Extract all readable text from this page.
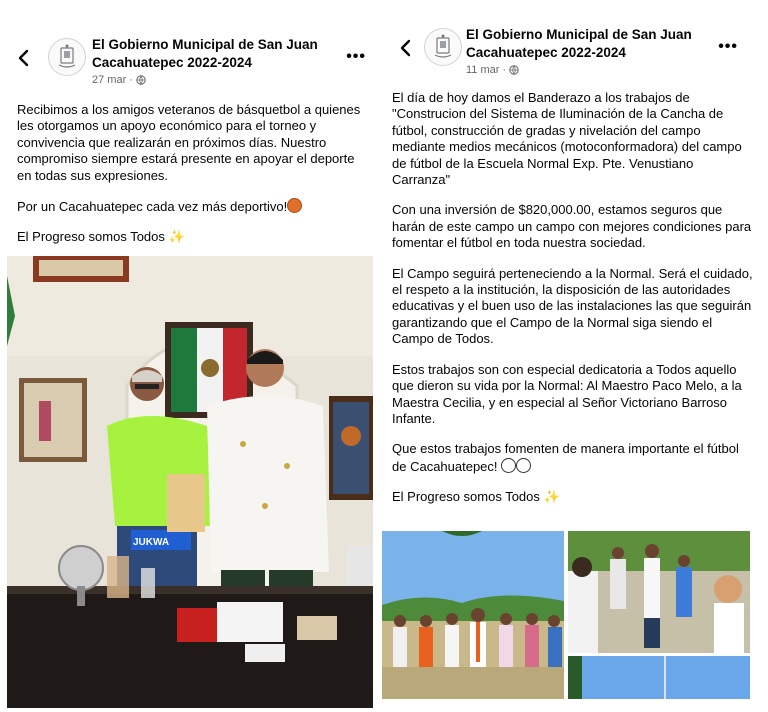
El Gobierno Municipal de San Juan Cacahuatepec 2022-2024
27 mar ·
•••

Recibimos a los amigos veteranos de básquetbol a quienes les otorgamos un apoyo económico para el torneo y convivencia que realizarán en próximos días. Nuestro compromiso siempre estará presente en apoyar el deporte en todas sus expresiones.

Por un Cacahuatepec cada vez más deportivo!

El Progreso somos Todos ✨

JUKWA
El Gobierno Municipal de San Juan Cacahuatepec 2022-2024
11 mar ·
•••

El día de hoy damos el Banderazo a los trabajos de "Construcion del Sistema de Iluminación de la Cancha de fútbol, construcción de gradas y nivelación del campo mediante medios mecánicos (motoconformadora) del campo de fútbol de la Escuela Normal Exp. Pte. Venustiano Carranza"

Con una inversión de $820,000.00, estamos seguros que harán de este campo un campo con mejores condiciones para fomentar el fútbol en toda nuestra sociedad.

El Campo seguirá perteneciendo a la Normal. Será el cuidado, el respeto a la institución, la disposición de las autoridades educativas y el buen uso de las instalaciones las que seguirán garantizando que el Campo de la Normal siga siendo el Campo de Todos.

Estos trabajos son con especial dedicatoria a Todos aquello que dieron su vida por la Normal: Al Maestro Paco Melo, a la Maestra Cecilia, y en especial al Señor Victoriano Barroso Infante.

Que estos trabajos fomenten de manera importante el fútbol de Cacahuatepec!

El Progreso somos Todos ✨
